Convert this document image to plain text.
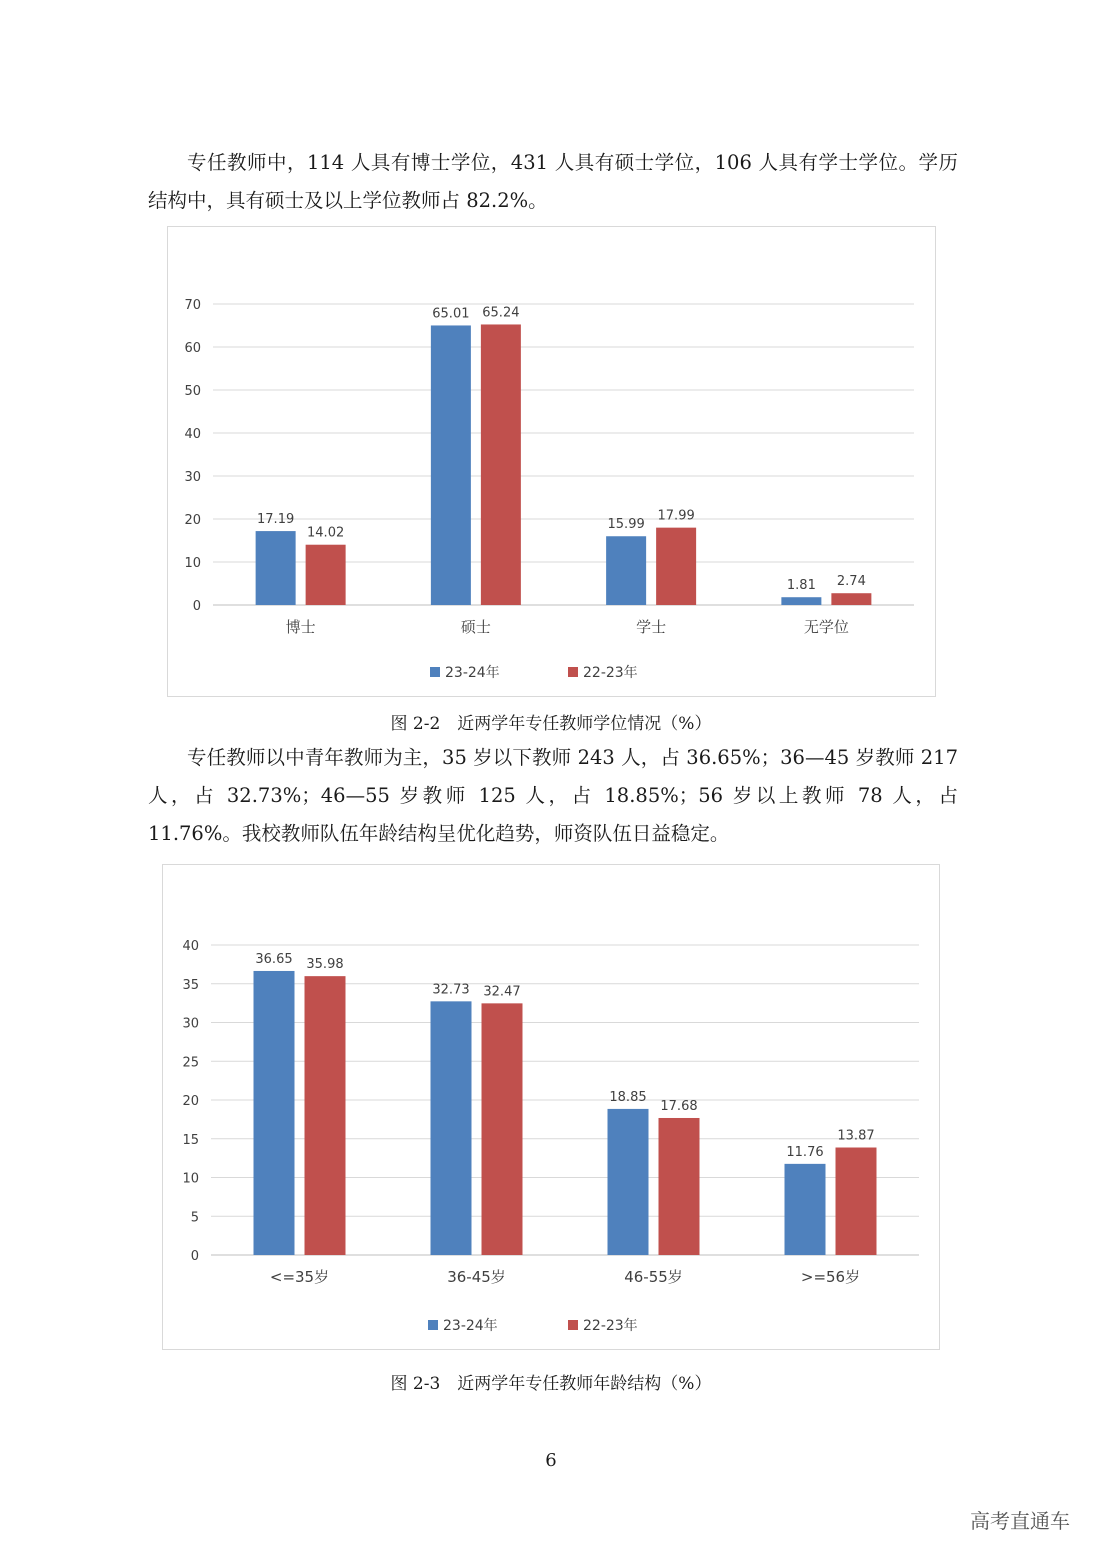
专任教师中，114 人具有博士学位，431 人具有硕士学位，106 人具有学士学位。学历结构中，具有硕士及以上学位教师占 82.2%。

0
10
20
30
40
50
60
70
17.19
14.02
博士
65.01 65.24
硕士
15.99
17.99
学士
1.81 2.74
无学位
23-24年	22-23年

图 2-2　近两学年专任教师学位情况（%）

专任教师以中青年教师为主，35 岁以下教师 243 人，占 36.65%；36—45 岁教师 217 人，占 32.73%；46—55 岁教师 125 人，占 18.85%；56 岁以上教师 78 人，占 11.76%。我校教师队伍年龄结构呈优化趋势，师资队伍日益稳定。

0
5
10
15
20
25
30
35
40
36.65 35.98
<=35岁
32.73 32.47
36-45岁
18.85
17.68
46-55岁
11.76
13.87
>=56岁
23-24年	22-23年

图 2-3　近两学年专任教师年龄结构（%）

6
高考直通车
